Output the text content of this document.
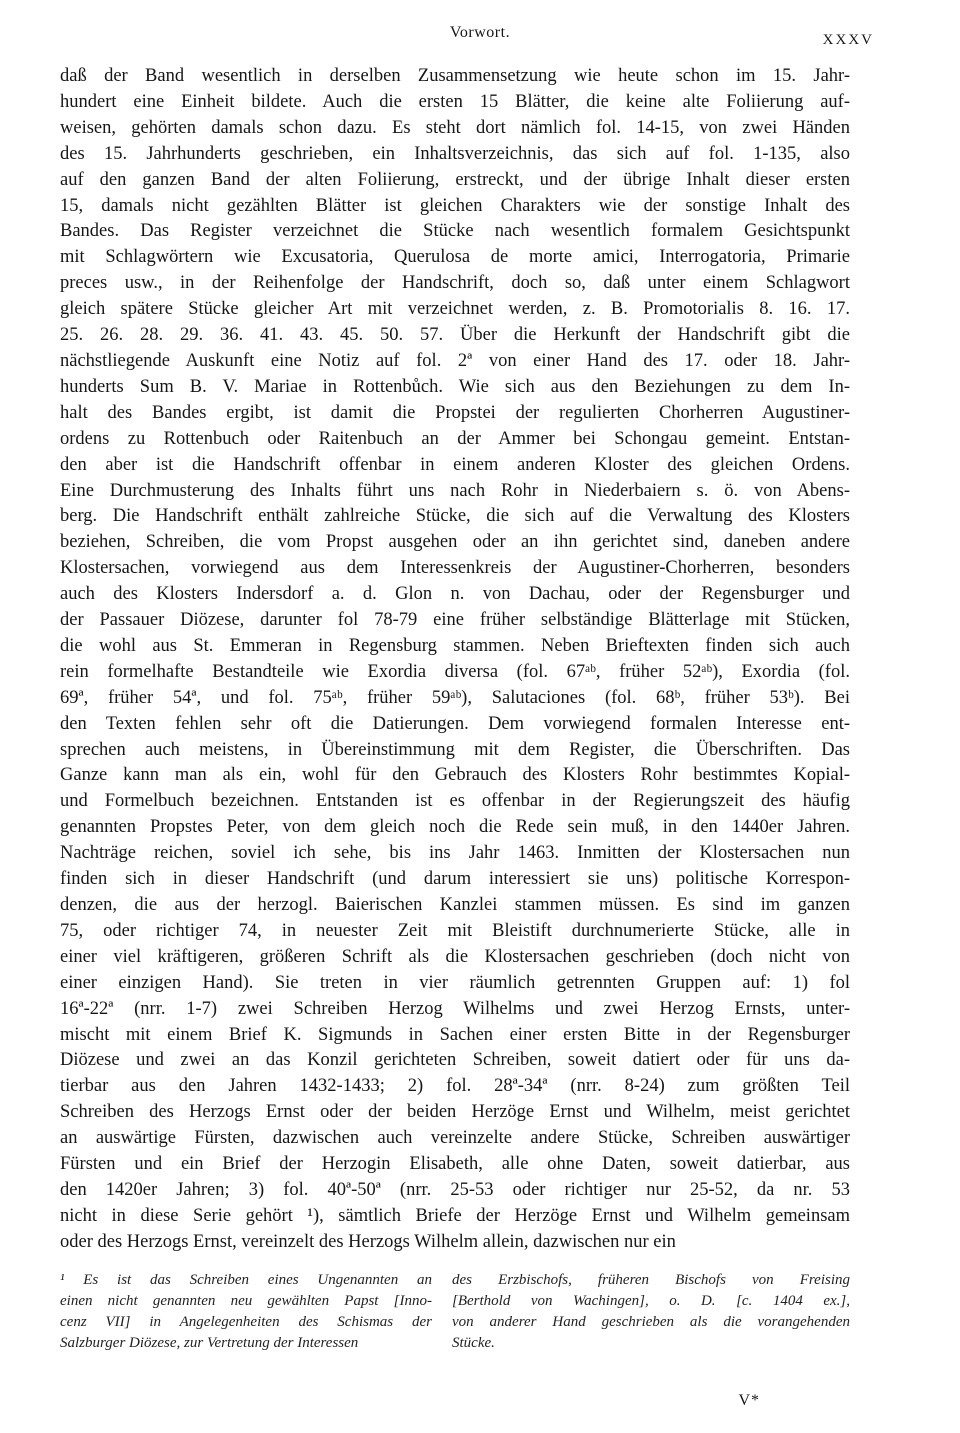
Vorwort.	XXXV
daß der Band wesentlich in derselben Zusammensetzung wie heute schon im 15. Jahr-
hundert eine Einheit bildete. Auch die ersten 15 Blätter, die keine alte Foliierung auf-
weisen, gehörten damals schon dazu. Es steht dort nämlich fol. 14-15, von zwei Händen
des 15. Jahrhunderts geschrieben, ein Inhaltsverzeichnis, das sich auf fol. 1-135, also
auf den ganzen Band der alten Foliierung, erstreckt, und der übrige Inhalt dieser ersten
15, damals nicht gezählten Blätter ist gleichen Charakters wie der sonstige Inhalt des
Bandes. Das Register verzeichnet die Stücke nach wesentlich formalem Gesichtspunkt
mit Schlagwörtern wie Excusatoria, Querulosa de morte amici, Interrogatoria, Primarie
preces usw., in der Reihenfolge der Handschrift, doch so, daß unter einem Schlagwort
gleich spätere Stücke gleicher Art mit verzeichnet werden, z. B. Promotorialis 8. 16. 17.
25. 26. 28. 29. 36. 41. 43. 45. 50. 57. Über die Herkunft der Handschrift gibt die
nächstliegende Auskunft eine Notiz auf fol. 2ª von einer Hand des 17. oder 18. Jahr-
hunderts Sum B. V. Mariae in Rottenbůch. Wie sich aus den Beziehungen zu dem In-
halt des Bandes ergibt, ist damit die Propstei der regulierten Chorherren Augustiner-
ordens zu Rottenbuch oder Raitenbuch an der Ammer bei Schongau gemeint. Entstan-
den aber ist die Handschrift offenbar in einem anderen Kloster des gleichen Ordens.
Eine Durchmusterung des Inhalts führt uns nach Rohr in Niederbaiern s. ö. von Abens-
berg. Die Handschrift enthält zahlreiche Stücke, die sich auf die Verwaltung des Klosters
beziehen, Schreiben, die vom Propst ausgehen oder an ihn gerichtet sind, daneben andere
Klostersachen, vorwiegend aus dem Interessenkreis der Augustiner-Chorherren, besonders
auch des Klosters Indersdorf a. d. Glon n. von Dachau, oder der Regensburger und
der Passauer Diözese, darunter fol 78-79 eine früher selbständige Blätterlage mit Stücken,
die wohl aus St. Emmeran in Regensburg stammen. Neben Brieftexten finden sich auch
rein formelhafte Bestandteile wie Exordia diversa (fol. 67ᵃᵇ, früher 52ᵃᵇ), Exordia (fol.
69ª, früher 54ª, und fol. 75ᵃᵇ, früher 59ᵃᵇ), Salutaciones (fol. 68ᵇ, früher 53ᵇ). Bei
den Texten fehlen sehr oft die Datierungen. Dem vorwiegend formalen Interesse ent-
sprechen auch meistens, in Übereinstimmung mit dem Register, die Überschriften. Das
Ganze kann man als ein, wohl für den Gebrauch des Klosters Rohr bestimmtes Kopial-
und Formelbuch bezeichnen. Entstanden ist es offenbar in der Regierungszeit des häufig
genannten Propstes Peter, von dem gleich noch die Rede sein muß, in den 1440er Jahren.
Nachträge reichen, soviel ich sehe, bis ins Jahr 1463. Inmitten der Klostersachen nun
finden sich in dieser Handschrift (und darum interessiert sie uns) politische Korrespon-
denzen, die aus der herzogl. Baierischen Kanzlei stammen müssen. Es sind im ganzen
75, oder richtiger 74, in neuester Zeit mit Bleistift durchnumerierte Stücke, alle in
einer viel kräftigeren, größeren Schrift als die Klostersachen geschrieben (doch nicht von
einer einzigen Hand). Sie treten in vier räumlich getrennten Gruppen auf: 1) fol
16ª-22ª (nrr. 1-7) zwei Schreiben Herzog Wilhelms und zwei Herzog Ernsts, unter-
mischt mit einem Brief K. Sigmunds in Sachen einer ersten Bitte in der Regensburger
Diözese und zwei an das Konzil gerichteten Schreiben, soweit datiert oder für uns da-
tierbar aus den Jahren 1432-1433; 2) fol. 28ª-34ª (nrr. 8-24) zum größten Teil
Schreiben des Herzogs Ernst oder der beiden Herzöge Ernst und Wilhelm, meist gerichtet
an auswärtige Fürsten, dazwischen auch vereinzelte andere Stücke, Schreiben auswärtiger
Fürsten und ein Brief der Herzogin Elisabeth, alle ohne Daten, soweit datierbar, aus
den 1420er Jahren; 3) fol. 40ª-50ª (nrr. 25-53 oder richtiger nur 25-52, da nr. 53
nicht in diese Serie gehört ¹), sämtlich Briefe der Herzöge Ernst und Wilhelm gemeinsam
oder des Herzogs Ernst, vereinzelt des Herzogs Wilhelm allein, dazwischen nur ein
¹ Es ist das Schreiben eines Ungenannten an
einen nicht genannten neu gewählten Papst [Inno-
cenz VII] in Angelegenheiten des Schismas der
Salzburger Diözese, zur Vertretung der Interessen
des Erzbischofs, früheren Bischofs von Freising
[Berthold von Wachingen], o. D. [c. 1404 ex.],
von anderer Hand geschrieben als die vorangehenden
Stücke.
V*
